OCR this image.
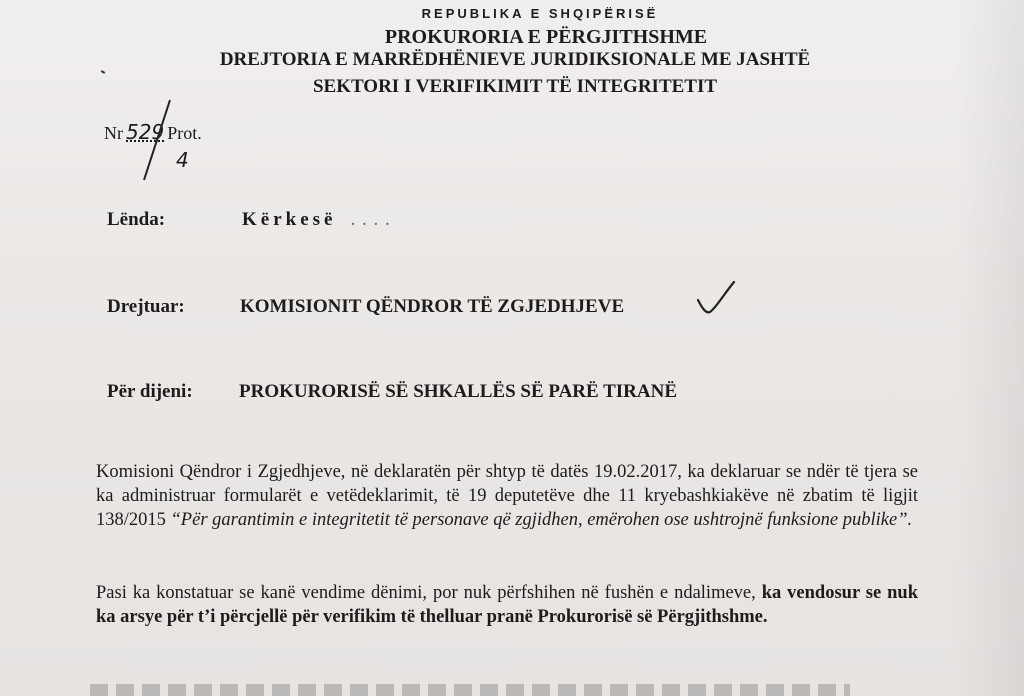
REPUBLIKA E SHQIPËRISË
PROKURORIA E PËRGJITHSHME
DREJTORIA E MARRËDHËNIEVE JURIDIKSIONALE ME JASHTË
SEKTORI I VERIFIKIMIT TË INTEGRITETIT
Nr 529 Prot.
4
Lënda:	Kërkesë . . . .
Drejtuar:	KOMISIONIT QËNDROR TË ZGJEDHJEVE
Për dijeni: PROKURORISË SË SHKALLËS SË PARË TIRANË
Komisioni Qëndror i Zgjedhjeve, në deklaratën për shtyp të datës 19.02.2017, ka deklaruar se ndër të tjera se ka administruar formularët e vetëdeklarimit, të 19 deputetëve dhe 11 kryebashkiakëve në zbatim të ligjit 138/2015 “Për garantimin e integritetit të personave që zgjidhen, emërohen ose ushtrojnë funksione publike”.
Pasi ka konstatuar se kanë vendime dënimi, por nuk përfshihen në fushën e ndalimeve, ka vendosur se nuk ka arsye për t’i përcjellë për verifikim të thelluar pranë Prokurorisë së Përgjithshme.
